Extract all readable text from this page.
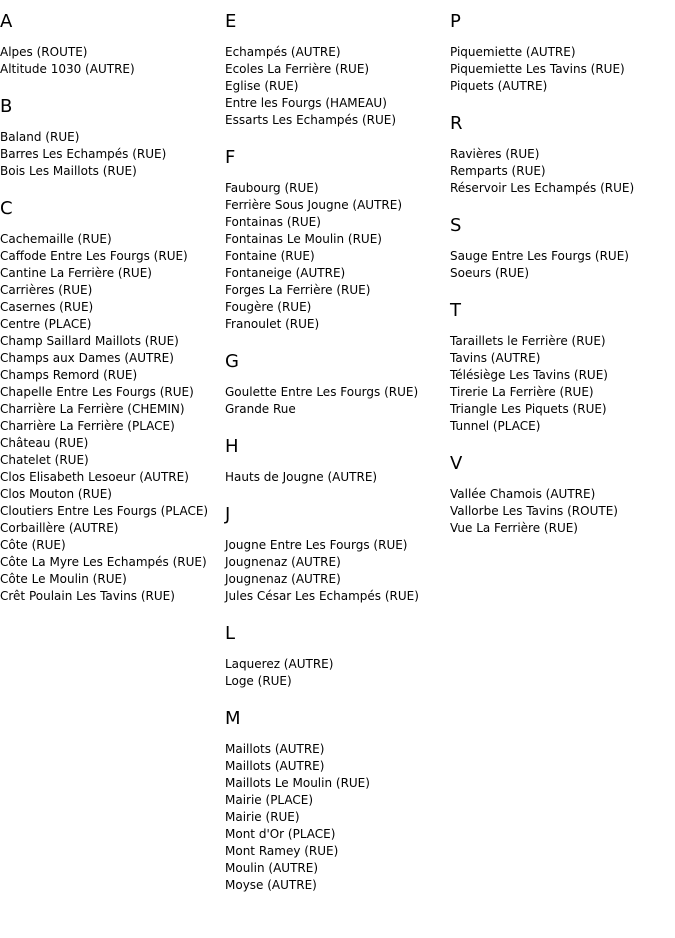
A
Alpes (ROUTE)
Altitude 1030 (AUTRE)
B
Baland (RUE)
Barres Les Echampés (RUE)
Bois Les Maillots (RUE)
C
Cachemaille (RUE)
Caffode Entre Les Fourgs (RUE)
Cantine La Ferrière (RUE)
Carrières (RUE)
Casernes (RUE)
Centre (PLACE)
Champ Saillard Maillots (RUE)
Champs aux Dames (AUTRE)
Champs Remord (RUE)
Chapelle Entre Les Fourgs (RUE)
Charrière La Ferrière (CHEMIN)
Charrière La Ferrière (PLACE)
Château (RUE)
Chatelet (RUE)
Clos Elisabeth Lesoeur (AUTRE)
Clos Mouton (RUE)
Cloutiers Entre Les Fourgs (PLACE)
Corbaillère (AUTRE)
Côte (RUE)
Côte La Myre Les Echampés (RUE)
Côte Le Moulin (RUE)
Crêt Poulain Les Tavins (RUE)
E
Echampés (AUTRE)
Ecoles La Ferrière (RUE)
Eglise (RUE)
Entre les Fourgs (HAMEAU)
Essarts Les Echampés (RUE)
F
Faubourg (RUE)
Ferrière Sous Jougne (AUTRE)
Fontainas (RUE)
Fontainas Le Moulin (RUE)
Fontaine (RUE)
Fontaneige (AUTRE)
Forges La Ferrière (RUE)
Fougère (RUE)
Franoulet (RUE)
G
Goulette Entre Les Fourgs (RUE)
Grande Rue
H
Hauts de Jougne (AUTRE)
J
Jougne Entre Les Fourgs (RUE)
Jougnenaz (AUTRE)
Jougnenaz (AUTRE)
Jules César Les Echampés (RUE)
L
Laquerez (AUTRE)
Loge (RUE)
M
Maillots (AUTRE)
Maillots (AUTRE)
Maillots Le Moulin (RUE)
Mairie (PLACE)
Mairie (RUE)
Mont d'Or (PLACE)
Mont Ramey (RUE)
Moulin (AUTRE)
Moyse (AUTRE)
P
Piquemiette (AUTRE)
Piquemiette Les Tavins (RUE)
Piquets (AUTRE)
R
Ravières (RUE)
Remparts (RUE)
Réservoir Les Echampés (RUE)
S
Sauge Entre Les Fourgs (RUE)
Soeurs (RUE)
T
Taraillets le Ferrière (RUE)
Tavins (AUTRE)
Télésiège Les Tavins (RUE)
Tirerie La Ferrière (RUE)
Triangle Les Piquets (RUE)
Tunnel (PLACE)
V
Vallée Chamois (AUTRE)
Vallorbe Les Tavins (ROUTE)
Vue La Ferrière (RUE)
